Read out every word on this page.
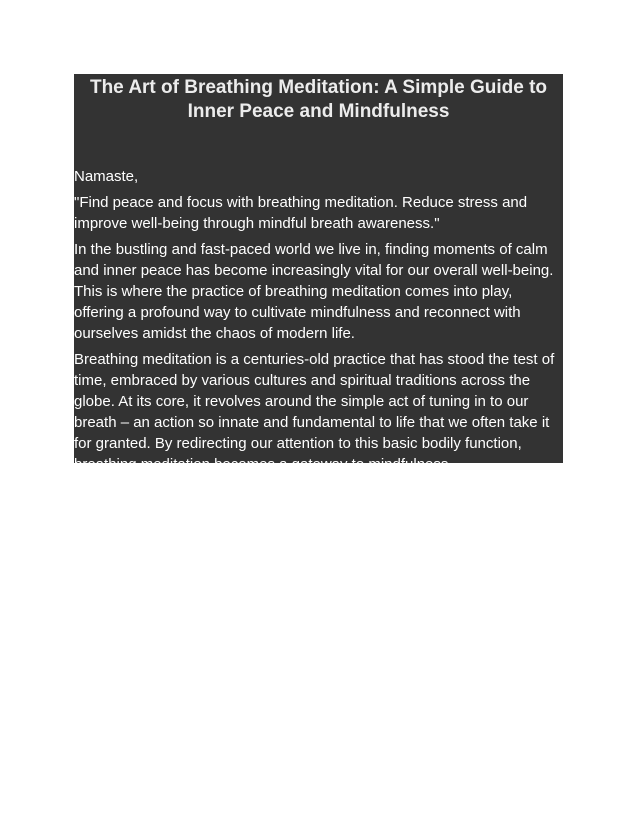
The Art of Breathing Meditation: A Simple Guide to Inner Peace and Mindfulness

Namaste,

"Find peace and focus with breathing meditation. Reduce stress and improve well-being through mindful breath awareness."

In the bustling and fast-paced world we live in, finding moments of calm and inner peace has become increasingly vital for our overall well-being. This is where the practice of breathing meditation comes into play, offering a profound way to cultivate mindfulness and reconnect with ourselves amidst the chaos of modern life.

Breathing meditation is a centuries-old practice that has stood the test of time, embraced by various cultures and spiritual traditions across the globe. At its core, it revolves around the simple act of tuning in to our breath – an action so innate and fundamental to life that we often take it for granted. By redirecting our attention to this basic bodily function, breathing meditation becomes a gateway to mindfulness.
